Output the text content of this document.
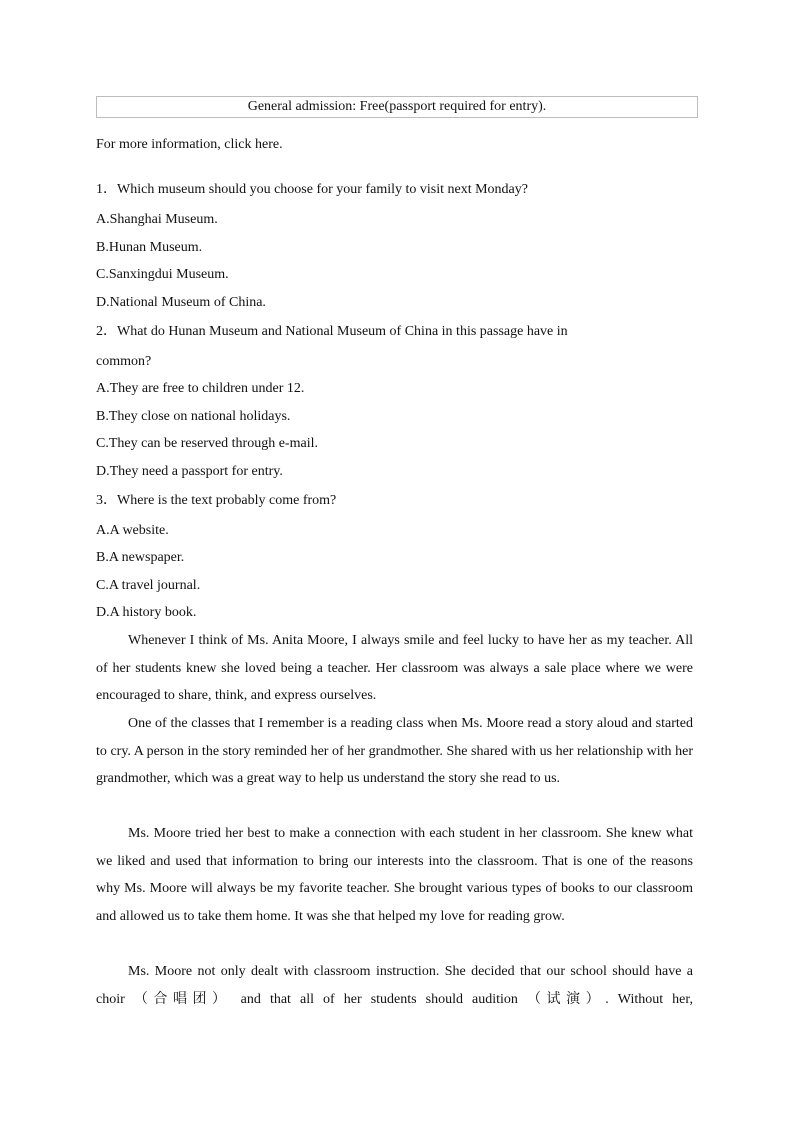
General admission: Free(passport required for entry).
For more information, click here.
1．Which museum should you choose for your family to visit next Monday?
A.Shanghai Museum.
B.Hunan Museum.
C.Sanxingdui Museum.
D.National Museum of China.
2．What do Hunan Museum and National Museum of China in this passage have in
common?
A.They are free to children under 12.
B.They close on national holidays.
C.They can be reserved through e-mail.
D.They need a passport for entry.
3．Where is the text probably come from?
A.A website.
B.A newspaper.
C.A travel journal.
D.A history book.

Whenever I think of Ms. Anita Moore, I always smile and feel lucky to have her as my teacher. All of her students knew she loved being a teacher. Her classroom was always a sale place where we were encouraged to share, think, and express ourselves.

One of the classes that I remember is a reading class when Ms. Moore read a story aloud and started to cry. A person in the story reminded her of her grandmother. She shared with us her relationship with her grandmother, which was a great way to help us understand the story she read to us.

Ms. Moore tried her best to make a connection with each student in her classroom. She knew what we liked and used that information to bring our interests into the classroom. That is one of the reasons why Ms. Moore will always be my favorite teacher. She brought various types of books to our classroom and allowed us to take them home. It was she that helped my love for reading grow.

Ms. Moore not only dealt with classroom instruction. She decided that our school should have a choir （合唱团） and that all of her students should audition （试演）. Without her,
